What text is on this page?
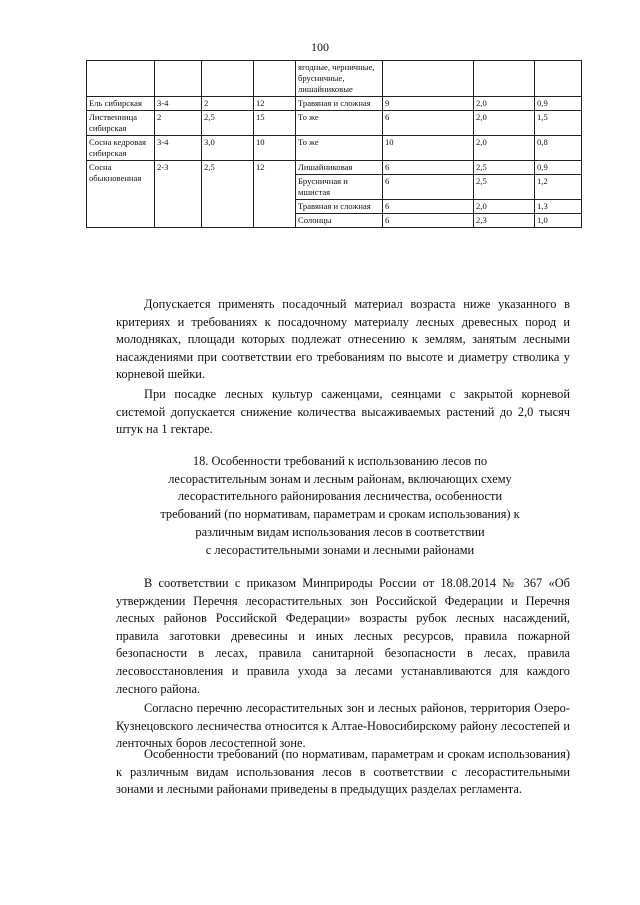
100
				ягодные, черничные, брусничные, лишайниковые			
Ель сибирская	3-4	2	12	Травяная и сложная	9	2,0	0,9
Лиственница сибирская	2	2,5	15	То же	6	2,0	1,5
Сосна кедровая сибирская	3-4	3,0	10	То же	10	2,0	0,8
Сосна обыкновенная	2-3	2,5	12	Лишайниковая	6	2,5	0,9
				Брусничная и мшистая	6	2,5	1,2
				Травяная и сложная	6	2,0	1,3
				Солонцы	6	2,3	1,0

Допускается применять посадочный материал возраста ниже указанного в критериях и требованиях к посадочному материалу лесных древесных пород и молодняках, площади которых подлежат отнесению к землям, занятым лесными насаждениями при соответствии его требованиям по высоте и диаметру стволика у корневой шейки.

При посадке лесных культур саженцами, сеянцами с закрытой корневой системой допускается снижение количества высаживаемых растений до 2,0 тысяч штук на 1 гектаре.

18. Особенности требований к использованию лесов по
лесорастительным зонам и лесным районам, включающих схему
лесорастительного районирования лесничества, особенности
требований (по нормативам, параметрам и срокам использования) к
различным видам использования лесов в соответствии
с лесорастительными зонами и лесными районами

В соответствии с приказом Минприроды России от 18.08.2014 № 367 «Об утверждении Перечня лесорастительных зон Российской Федерации и Перечня лесных районов Российской Федерации» возрасты рубок лесных насаждений, правила заготовки древесины и иных лесных ресурсов, правила пожарной безопасности в лесах, правила санитарной безопасности в лесах, правила лесовосстановления и правила ухода за лесами устанавливаются для каждого лесного района.

Согласно перечню лесорастительных зон и лесных районов, территория Озеро-Кузнецовского лесничества относится к Алтае-Новосибирскому району лесостепей и ленточных боров лесостепной зоне.

Особенности требований (по нормативам, параметрам и срокам использования) к различным видам использования лесов в соответствии с лесорастительными зонами и лесными районами приведены в предыдущих разделах регламента.
